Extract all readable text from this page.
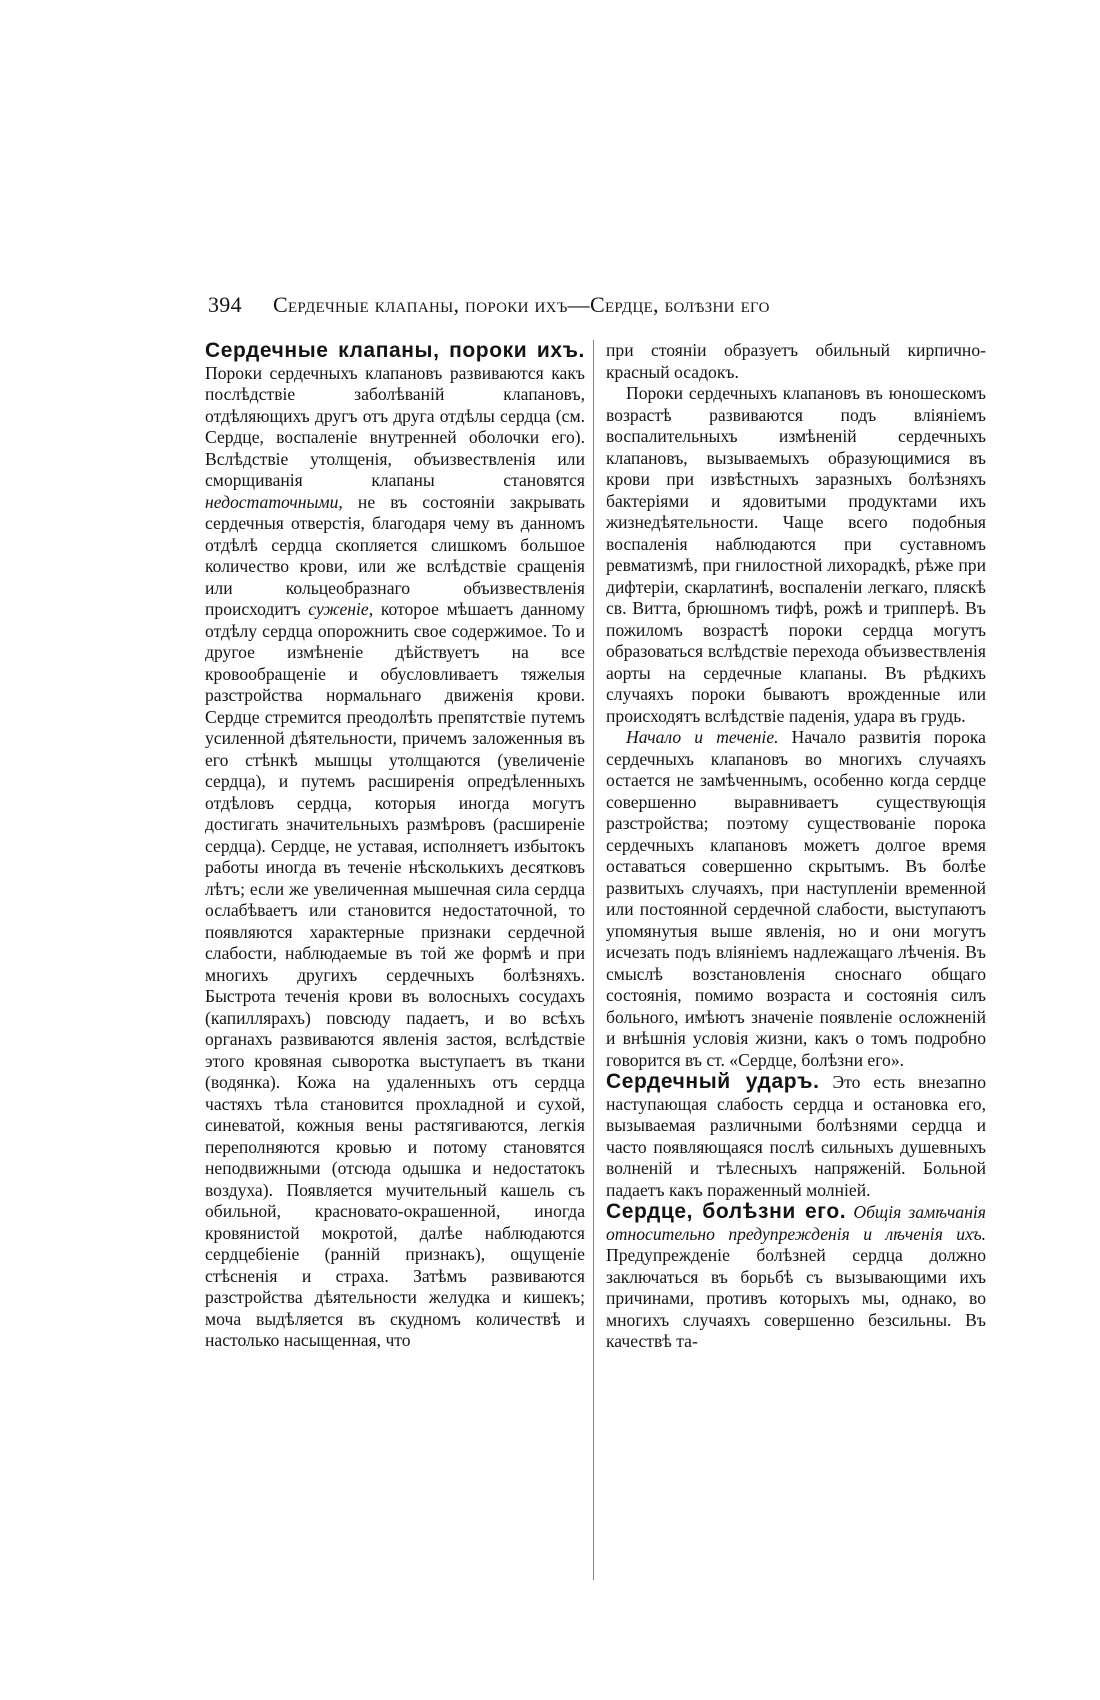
394 Сердечные клапаны, пороки ихъ—Сердце, болѣзни его

Сердечные клапаны, пороки ихъ. Пороки сердечныхъ клапановъ развиваются какъ послѣдствіе заболѣваній клапановъ, отдѣляющихъ другъ отъ друга отдѣлы сердца (см. Сердце, воспаленіе внутренней оболочки его). Вслѣдствіе утолщенія, объизвествленія или сморщиванія клапаны становятся недостаточными, не въ состояніи закрывать сердечныя отверстія, благодаря чему въ данномъ отдѣлѣ сердца скопляется слишкомъ большое количество крови, или же вслѣдствіе сращенія или кольцеобразнаго объизвествленія происходитъ суженіе, которое мѣшаетъ данному отдѣлу сердца опорожнить свое содержимое. То и другое измѣненіе дѣйствуетъ на все кровообращеніе и обусловливаетъ тяжелыя разстройства нормальнаго движенія крови. Сердце стремится преодолѣть препятствіе путемъ усиленной дѣятельности, причемъ заложенныя въ его стѣнкѣ мышцы утолщаются (увеличеніе сердца), и путемъ расширенія опредѣленныхъ отдѣловъ сердца, которыя иногда могутъ достигать значительныхъ размѣровъ (расширеніе сердца). Сердце, не уставая, исполняетъ избытокъ работы иногда въ теченіе нѣсколькихъ десятковъ лѣтъ; если же увеличенная мышечная сила сердца ослабѣваетъ или становится недостаточной, то появляются характерные признаки сердечной слабости, наблюдаемые въ той же формѣ и при многихъ другихъ сердечныхъ болѣзняхъ. Быстрота теченія крови въ волосныхъ сосудахъ (капиллярахъ) повсюду падаетъ, и во всѣхъ органахъ развиваются явленія застоя, вслѣдствіе этого кровяная сыворотка выступаетъ въ ткани (водянка). Кожа на удаленныхъ отъ сердца частяхъ тѣла становится прохладной и сухой, синеватой, кожныя вены растягиваются, легкія переполняются кровью и потому становятся неподвижными (отсюда одышка и недостатокъ воздуха). Появляется мучительный кашель съ обильной, красновато-окрашенной, иногда кровянистой мокротой, далѣе наблюдаются сердцебіеніе (ранній признакъ), ощущеніе стѣсненія и страха. Затѣмъ развиваются разстройства дѣятельности желудка и кишекъ; моча выдѣляется въ скудномъ количествѣ и настолько насыщенная, что

при стояніи образуетъ обильный кирпично-красный осадокъ.

Пороки сердечныхъ клапановъ въ юношескомъ возрастѣ развиваются подъ вліяніемъ воспалительныхъ измѣненій сердечныхъ клапановъ, вызываемыхъ образующимися въ крови при извѣстныхъ заразныхъ болѣзняхъ бактеріями и ядовитыми продуктами ихъ жизнедѣятельности. Чаще всего подобныя воспаленія наблюдаются при суставномъ ревматизмѣ, при гнилостной лихорадкѣ, рѣже при дифтеріи, скарлатинѣ, воспаленіи легкаго, пляскѣ св. Витта, брюшномъ тифѣ, рожѣ и трипперѣ. Въ пожиломъ возрастѣ пороки сердца могутъ образоваться вслѣдствіе перехода объизвествленія аорты на сердечные клапаны. Въ рѣдкихъ случаяхъ пороки бываютъ врожденные или происходятъ вслѣдствіе паденія, удара въ грудь.

Начало и теченіе. Начало развитія порока сердечныхъ клапановъ во многихъ случаяхъ остается не замѣченнымъ, особенно когда сердце совершенно выравниваетъ существующія разстройства; поэтому существованіе порока сердечныхъ клапановъ можетъ долгое время оставаться совершенно скрытымъ. Въ болѣе развитыхъ случаяхъ, при наступленіи временной или постоянной сердечной слабости, выступаютъ упомянутыя выше явленія, но и они могутъ исчезать подъ вліяніемъ надлежащаго лѣченія. Въ смыслѣ возстановленія сноснаго общаго состоянія, помимо возраста и состоянія силъ больного, имѣютъ значеніе появленіе осложненій и внѣшнія условія жизни, какъ о томъ подробно говорится въ ст. «Сердце, болѣзни его».

Сердечный ударъ. Это есть внезапно наступающая слабость сердца и остановка его, вызываемая различными болѣзнями сердца и часто появляющаяся послѣ сильныхъ душевныхъ волненій и тѣлесныхъ напряженій. Больной падаетъ какъ пораженный молніей.

Сердце, болѣзни его. Общія замѣчанія относительно предупрежденія и лѣченія ихъ. Предупрежденіе болѣзней сердца должно заключаться въ борьбѣ съ вызывающими ихъ причинами, противъ которыхъ мы, однако, во многихъ случаяхъ совершенно безсильны. Въ качествѣ та-
